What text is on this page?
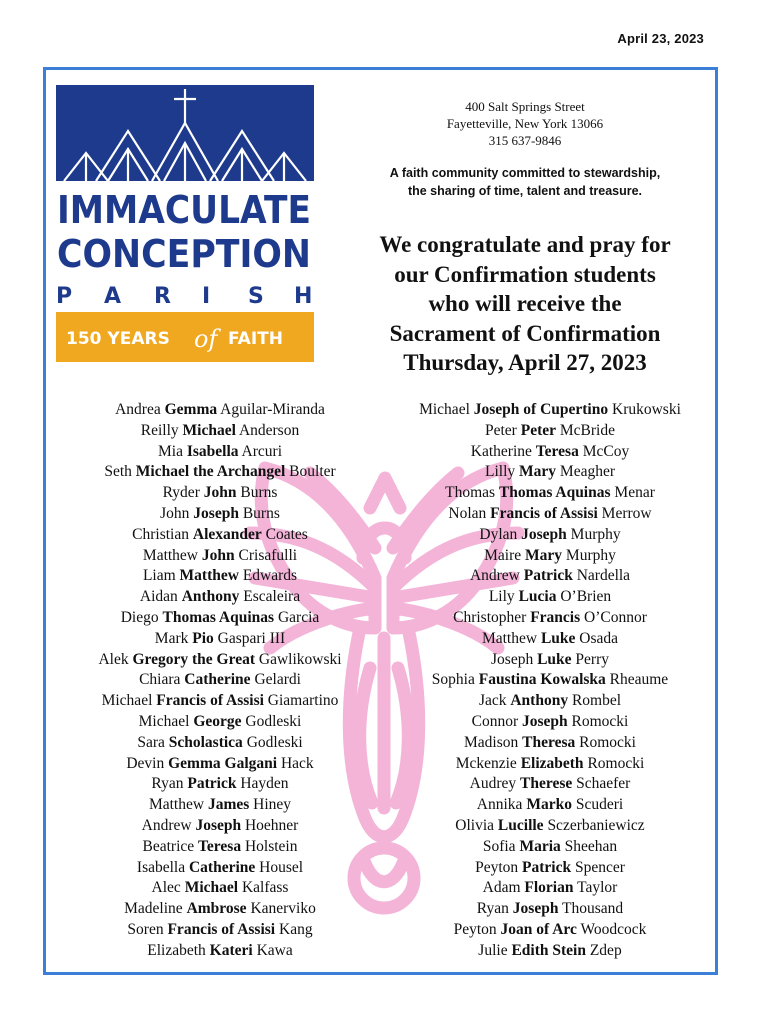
April 23, 2023
IMMACULATE
CONCEPTION
P A R I S H
150 YEARS of FAITH
400 Salt Springs Street
Fayetteville, New York 13066
315 637-9846
A faith community committed to stewardship,
the sharing of time, talent and treasure.
We congratulate and pray for
our Confirmation students
who will receive the
Sacrament of Confirmation
Thursday, April 27, 2023
Andrea Gemma Aguilar-Miranda
Reilly Michael Anderson
Mia Isabella Arcuri
Seth Michael the Archangel Boulter
Ryder John Burns
John Joseph Burns
Christian Alexander Coates
Matthew John Crisafulli
Liam Matthew Edwards
Aidan Anthony Escaleira
Diego Thomas Aquinas Garcia
Mark Pio Gaspari III
Alek Gregory the Great Gawlikowski
Chiara Catherine Gelardi
Michael Francis of Assisi Giamartino
Michael George Godleski
Sara Scholastica Godleski
Devin Gemma Galgani Hack
Ryan Patrick Hayden
Matthew James Hiney
Andrew Joseph Hoehner
Beatrice Teresa Holstein
Isabella Catherine Housel
Alec Michael Kalfass
Madeline Ambrose Kanerviko
Soren Francis of Assisi Kang
Elizabeth Kateri Kawa
Michael Joseph of Cupertino Krukowski
Peter Peter McBride
Katherine Teresa McCoy
Lilly Mary Meagher
Thomas Thomas Aquinas Menar
Nolan Francis of Assisi Merrow
Dylan Joseph Murphy
Maire Mary Murphy
Andrew Patrick Nardella
Lily Lucia O’Brien
Christopher Francis O’Connor
Matthew Luke Osada
Joseph Luke Perry
Sophia Faustina Kowalska Rheaume
Jack Anthony Rombel
Connor Joseph Romocki
Madison Theresa Romocki
Mckenzie Elizabeth Romocki
Audrey Therese Schaefer
Annika Marko Scuderi
Olivia Lucille Sczerbaniewicz
Sofia Maria Sheehan
Peyton Patrick Spencer
Adam Florian Taylor
Ryan Joseph Thousand
Peyton Joan of Arc Woodcock
Julie Edith Stein Zdep
